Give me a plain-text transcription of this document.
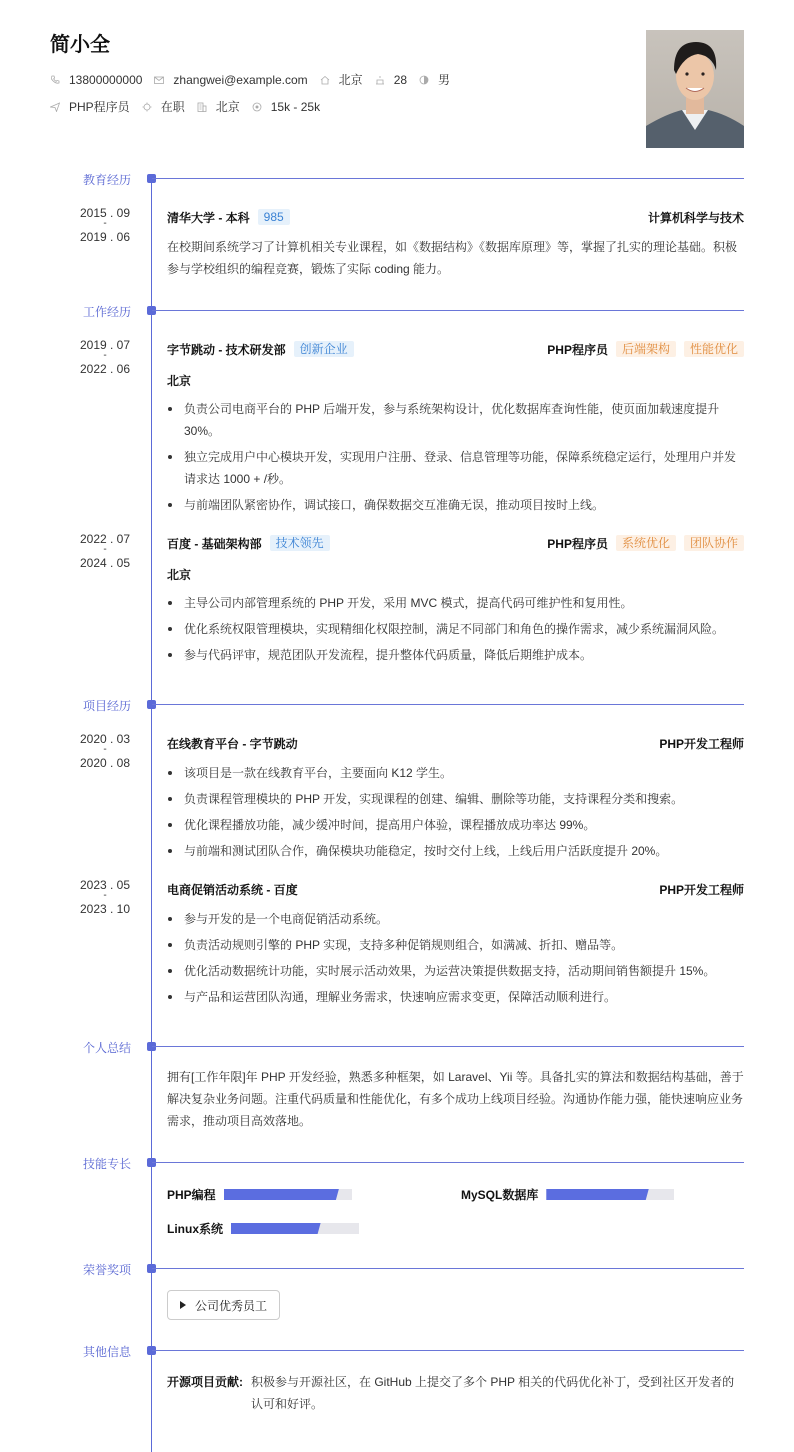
简小全
13800000000	zhangwei@example.com	北京	28	男
PHP程序员	在职	北京	15k - 25k
教育经历
2015 . 09
-
2019 . 06
清华大学 - 本科	985	计算机科学与技术
在校期间系统学习了计算机相关专业课程，如《数据结构》《数据库原理》等，掌握了扎实的理论基础。积极参与学校组织的编程竞赛，锻炼了实际 coding 能力。
工作经历
2019 . 07
-
2022 . 06
字节跳动 - 技术研发部	创新企业	PHP程序员	后端架构	性能优化
北京
负责公司电商平台的 PHP 后端开发，参与系统架构设计，优化数据库查询性能，使页面加载速度提升 30%。
独立完成用户中心模块开发，实现用户注册、登录、信息管理等功能，保障系统稳定运行，处理用户并发请求达 1000 + /秒。
与前端团队紧密协作，调试接口，确保数据交互准确无误，推动项目按时上线。
2022 . 07
-
2024 . 05
百度 - 基础架构部	技术领先	PHP程序员	系统优化	团队协作
北京
主导公司内部管理系统的 PHP 开发，采用 MVC 模式，提高代码可维护性和复用性。
优化系统权限管理模块，实现精细化权限控制，满足不同部门和角色的操作需求，减少系统漏洞风险。
参与代码评审，规范团队开发流程，提升整体代码质量，降低后期维护成本。
项目经历
2020 . 03
-
2020 . 08
在线教育平台 - 字节跳动	PHP开发工程师
该项目是一款在线教育平台，主要面向 K12 学生。
负责课程管理模块的 PHP 开发，实现课程的创建、编辑、删除等功能，支持课程分类和搜索。
优化课程播放功能，减少缓冲时间，提高用户体验，课程播放成功率达 99%。
与前端和测试团队合作，确保模块功能稳定，按时交付上线，上线后用户活跃度提升 20%。
2023 . 05
-
2023 . 10
电商促销活动系统 - 百度	PHP开发工程师
参与开发的是一个电商促销活动系统。
负责活动规则引擎的 PHP 实现，支持多种促销规则组合，如满减、折扣、赠品等。
优化活动数据统计功能，实时展示活动效果，为运营决策提供数据支持，活动期间销售额提升 15%。
与产品和运营团队沟通，理解业务需求，快速响应需求变更，保障活动顺利进行。
个人总结
拥有[工作年限]年 PHP 开发经验，熟悉多种框架，如 Laravel、Yii 等。具备扎实的算法和数据结构基础，善于解决复杂业务问题。注重代码质量和性能优化，有多个成功上线项目经验。沟通协作能力强，能快速响应业务需求，推动项目高效落地。
技能专长
PHP编程	MySQL数据库
Linux系统
荣誉奖项
公司优秀员工
其他信息
开源项目贡献: 积极参与开源社区，在 GitHub 上提交了多个 PHP 相关的代码优化补丁，受到社区开发者的认可和好评。
